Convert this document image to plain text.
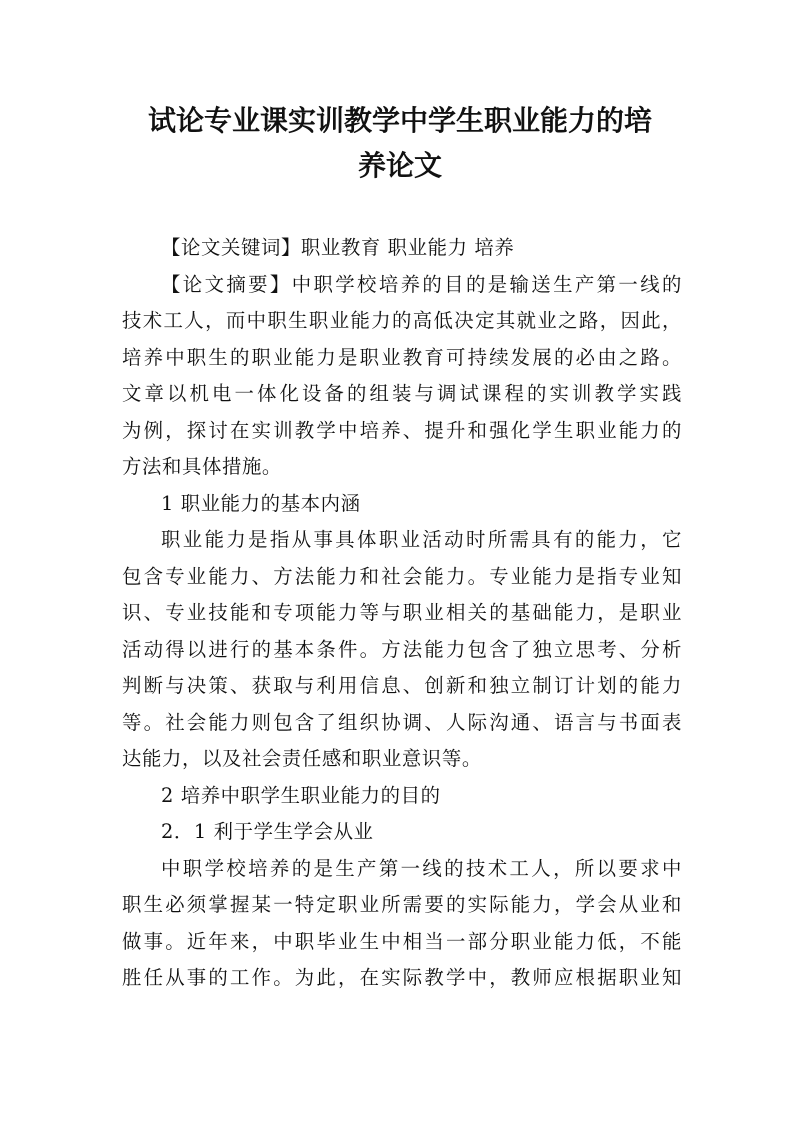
试论专业课实训教学中学生职业能力的培
养论文
【论文关键词】职业教育 职业能力 培养
【论文摘要】中职学校培养的目的是输送生产第一线的
技术工人，而中职生职业能力的高低决定其就业之路，因此，
培养中职生的职业能力是职业教育可持续发展的必由之路。
文章以机电一体化设备的组装与调试课程的实训教学实践
为例，探讨在实训教学中培养、提升和强化学生职业能力的
方法和具体措施。
1 职业能力的基本内涵
职业能力是指从事具体职业活动时所需具有的能力，它
包含专业能力、方法能力和社会能力。专业能力是指专业知
识、专业技能和专项能力等与职业相关的基础能力，是职业
活动得以进行的基本条件。方法能力包含了独立思考、分析
判断与决策、获取与利用信息、创新和独立制订计划的能力
等。社会能力则包含了组织协调、人际沟通、语言与书面表
达能力，以及社会责任感和职业意识等。
2 培养中职学生职业能力的目的
2．1 利于学生学会从业
中职学校培养的是生产第一线的技术工人，所以要求中
职生必须掌握某一特定职业所需要的实际能力，学会从业和
做事。近年来，中职毕业生中相当一部分职业能力低，不能
胜任从事的工作。为此，在实际教学中，教师应根据职业知
